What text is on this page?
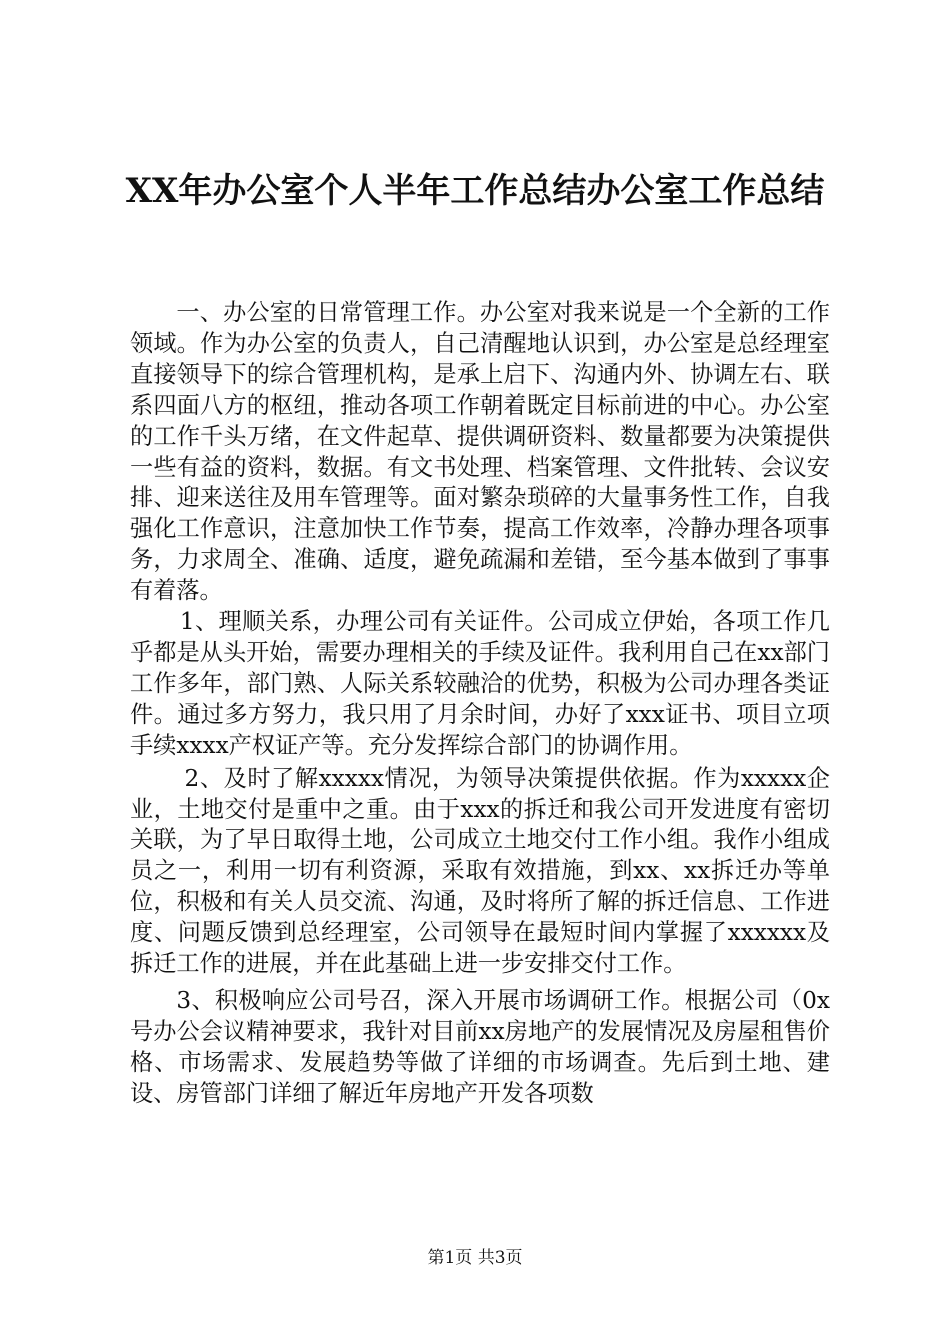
XX年办公室个人半年工作总结办公室工作总结

一、办公室的日常管理工作。办公室对我来说是一个全新的工作领域。作为办公室的负责人，自己清醒地认识到，办公室是总经理室直接领导下的综合管理机构，是承上启下、沟通内外、协调左右、联系四面八方的枢纽，推动各项工作朝着既定目标前进的中心。办公室的工作千头万绪，在文件起草、提供调研资料、数量都要为决策提供一些有益的资料，数据。有文书处理、档案管理、文件批转、会议安排、迎来送往及用车管理等。面对繁杂琐碎的大量事务性工作，自我强化工作意识，注意加快工作节奏，提高工作效率，冷静办理各项事务，力求周全、准确、适度，避免疏漏和差错，至今基本做到了事事有着落。

1、理顺关系，办理公司有关证件。公司成立伊始，各项工作几乎都是从头开始，需要办理相关的手续及证件。我利用自己在xx部门工作多年，部门熟、人际关系较融洽的优势，积极为公司办理各类证件。通过多方努力，我只用了月余时间，办好了xxx证书、项目立项手续xxxx产权证产等。充分发挥综合部门的协调作用。

2、及时了解xxxxx情况，为领导决策提供依据。作为xxxxx企业，土地交付是重中之重。由于xxx的拆迁和我公司开发进度有密切关联，为了早日取得土地，公司成立土地交付工作小组。我作小组成员之一，利用一切有利资源，采取有效措施，到xx、xx拆迁办等单位，积极和有关人员交流、沟通，及时将所了解的拆迁信息、工作进度、问题反馈到总经理室，公司领导在最短时间内掌握了xxxxxx及拆迁工作的进展，并在此基础上进一步安排交付工作。

3、积极响应公司号召，深入开展市场调研工作。根据公司（0x号办公会议精神要求，我针对目前xx房地产的发展情况及房屋租售价格、市场需求、发展趋势等做了详细的市场调查。先后到土地、建设、房管部门详细了解近年房地产开发各项数

第1页 共3页
